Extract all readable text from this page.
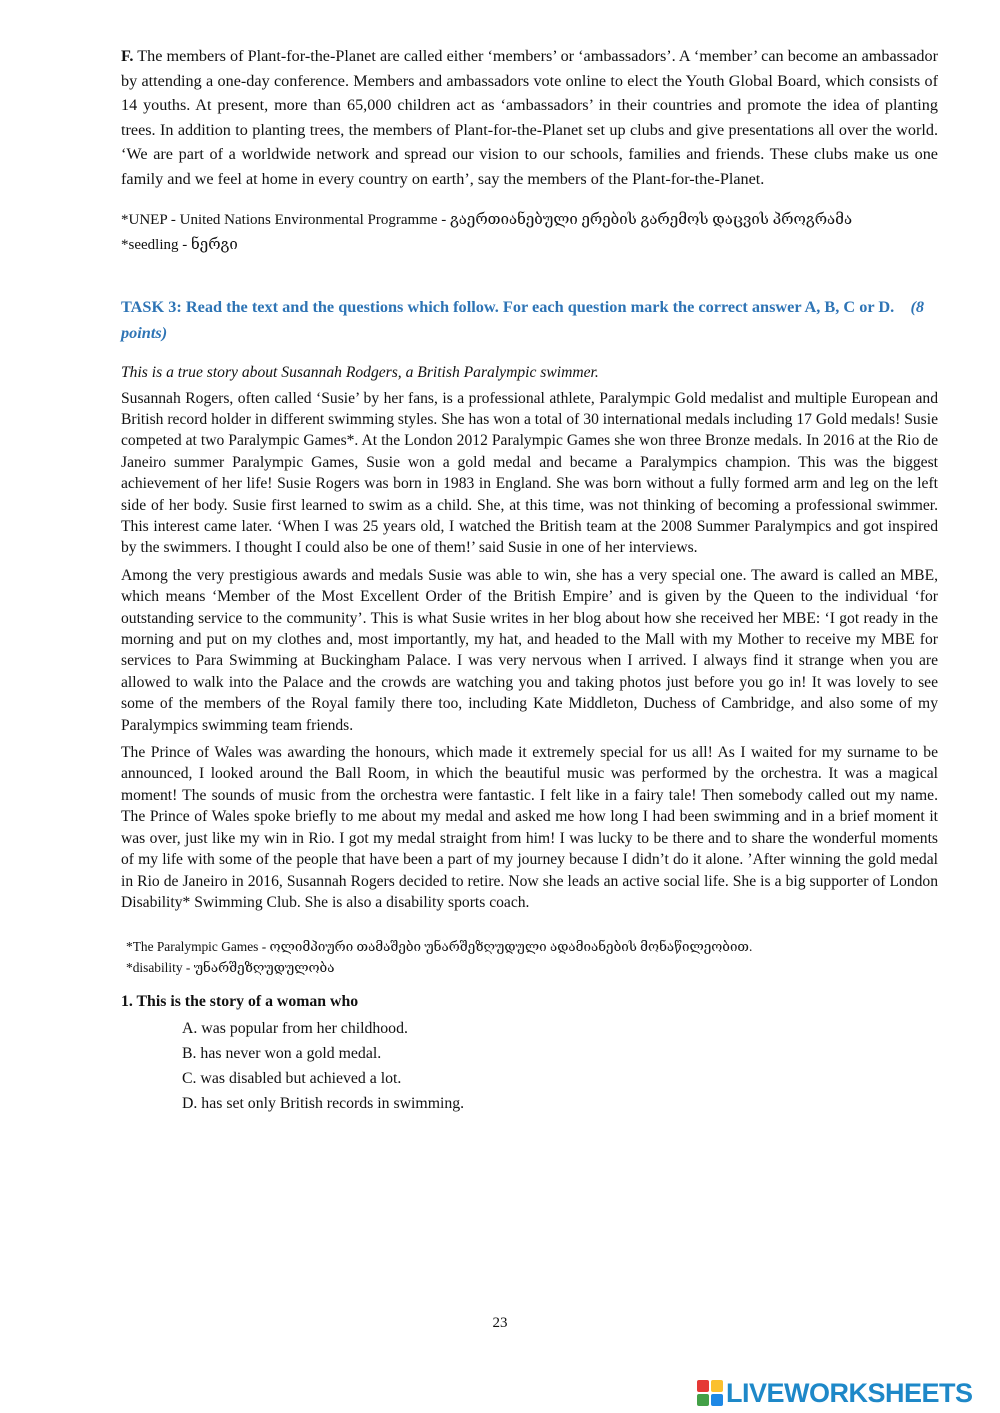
F. The members of Plant-for-the-Planet are called either ‘members’ or ‘ambassadors’. A ‘member’ can become an ambassador by attending a one-day conference. Members and ambassadors vote online to elect the Youth Global Board, which consists of 14 youths. At present, more than 65,000 children act as ‘ambassadors’ in their countries and promote the idea of planting trees. In addition to planting trees, the members of Plant-for-the-Planet set up clubs and give presentations all over the world. ‘We are part of a worldwide network and spread our vision to our schools, families and friends. These clubs make us one family and we feel at home in every country on earth’, say the members of the Plant-for-the-Planet.

*UNEP - United Nations Environmental Programme - გაერთიანებული ერების გარემოს დაცვის პროგრამა

*seedling - ნერგი

TASK 3: Read the text and the questions which follow. For each question mark the correct answer A, B, C or D. (8 points)

This is a true story about Susannah Rodgers, a British Paralympic swimmer.

Susannah Rogers, often called ‘Susie’ by her fans, is a professional athlete, Paralympic Gold medalist and multiple European and British record holder in different swimming styles. She has won a total of 30 international medals including 17 Gold medals! Susie competed at two Paralympic Games*. At the London 2012 Paralympic Games she won three Bronze medals. In 2016 at the Rio de Janeiro summer Paralympic Games, Susie won a gold medal and became a Paralympics champion. This was the biggest achievement of her life! Susie Rogers was born in 1983 in England. She was born without a fully formed arm and leg on the left side of her body. Susie first learned to swim as a child. She, at this time, was not thinking of becoming a professional swimmer. This interest came later. ‘When I was 25 years old, I watched the British team at the 2008 Summer Paralympics and got inspired by the swimmers. I thought I could also be one of them!’ said Susie in one of her interviews.

Among the very prestigious awards and medals Susie was able to win, she has a very special one. The award is called an MBE, which means ‘Member of the Most Excellent Order of the British Empire’ and is given by the Queen to the individual ‘for outstanding service to the community’. This is what Susie writes in her blog about how she received her MBE: ‘I got ready in the morning and put on my clothes and, most importantly, my hat, and headed to the Mall with my Mother to receive my MBE for services to Para Swimming at Buckingham Palace. I was very nervous when I arrived. I always find it strange when you are allowed to walk into the Palace and the crowds are watching you and taking photos just before you go in! It was lovely to see some of the members of the Royal family there too, including Kate Middleton, Duchess of Cambridge, and also some of my Paralympics swimming team friends.

The Prince of Wales was awarding the honours, which made it extremely special for us all! As I waited for my surname to be announced, I looked around the Ball Room, in which the beautiful music was performed by the orchestra. It was a magical moment! The sounds of music from the orchestra were fantastic. I felt like in a fairy tale! Then somebody called out my name. The Prince of Wales spoke briefly to me about my medal and asked me how long I had been swimming and in a brief moment it was over, just like my win in Rio. I got my medal straight from him! I was lucky to be there and to share the wonderful moments of my life with some of the people that have been a part of my journey because I didn’t do it alone. ’After winning the gold medal in Rio de Janeiro in 2016, Susannah Rogers decided to retire. Now she leads an active social life. She is a big supporter of London Disability* Swimming Club. She is also a disability sports coach.

*The Paralympic Games - ოლიმპიური თამაშები უნარშეზღუდული ადამიანების მონაწილეობით.

*disability - უნარშეზღუდულობა

1. This is the story of a woman who

A. was popular from her childhood.
B. has never won a gold medal.
C. was disabled but achieved a lot.
D. has set only British records in swimming.
23
LIVEWORKSHEETS
